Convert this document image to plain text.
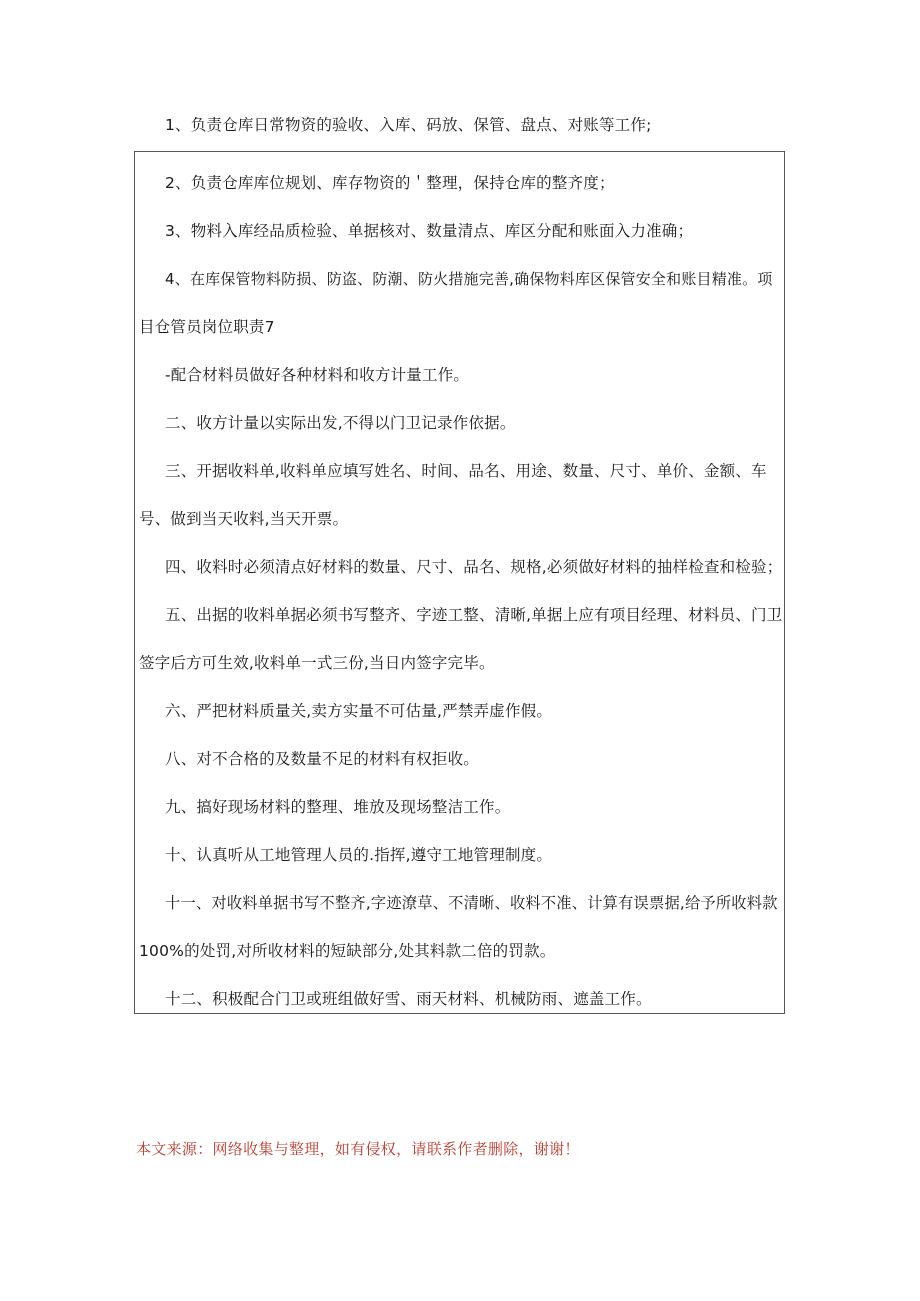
1、负责仓库日常物资的验收、入库、码放、保管、盘点、对账等工作;
2、负责仓库库位规划、库存物资的＇整理，保持仓库的整齐度；
3、物料入库经品质检验、单据核对、数量清点、库区分配和账面入力准确；
4、在库保管物料防损、防盗、防潮、防火措施完善,确保物料库区保管安全和账目精准。项
目仓管员岗位职责7
-配合材料员做好各种材料和收方计量工作。
二、收方计量以实际出发,不得以门卫记录作依据。
三、开据收料单,收料单应填写姓名、时间、品名、用途、数量、尺寸、单价、金额、车
号、做到当天收料,当天开票。
四、收料时必须清点好材料的数量、尺寸、品名、规格,必须做好材料的抽样检查和检验；
五、出据的收料单据必须书写整齐、字迹工整、清晰,单据上应有项目经理、材料员、门卫
签字后方可生效,收料单一式三份,当日内签字完毕。
六、严把材料质量关,卖方实量不可估量,严禁弄虚作假。
八、对不合格的及数量不足的材料有权拒收。
九、搞好现场材料的整理、堆放及现场整洁工作。
十、认真听从工地管理人员的.指挥,遵守工地管理制度。
十一、对收料单据书写不整齐,字迹潦草、不清晰、收料不准、计算有误票据,给予所收料款
100%的处罚,对所收材料的短缺部分,处其料款二倍的罚款。
十二、积极配合门卫或班组做好雪、雨天材料、机械防雨、遮盖工作。
本文来源：网络收集与整理，如有侵权，请联系作者删除，谢谢！
